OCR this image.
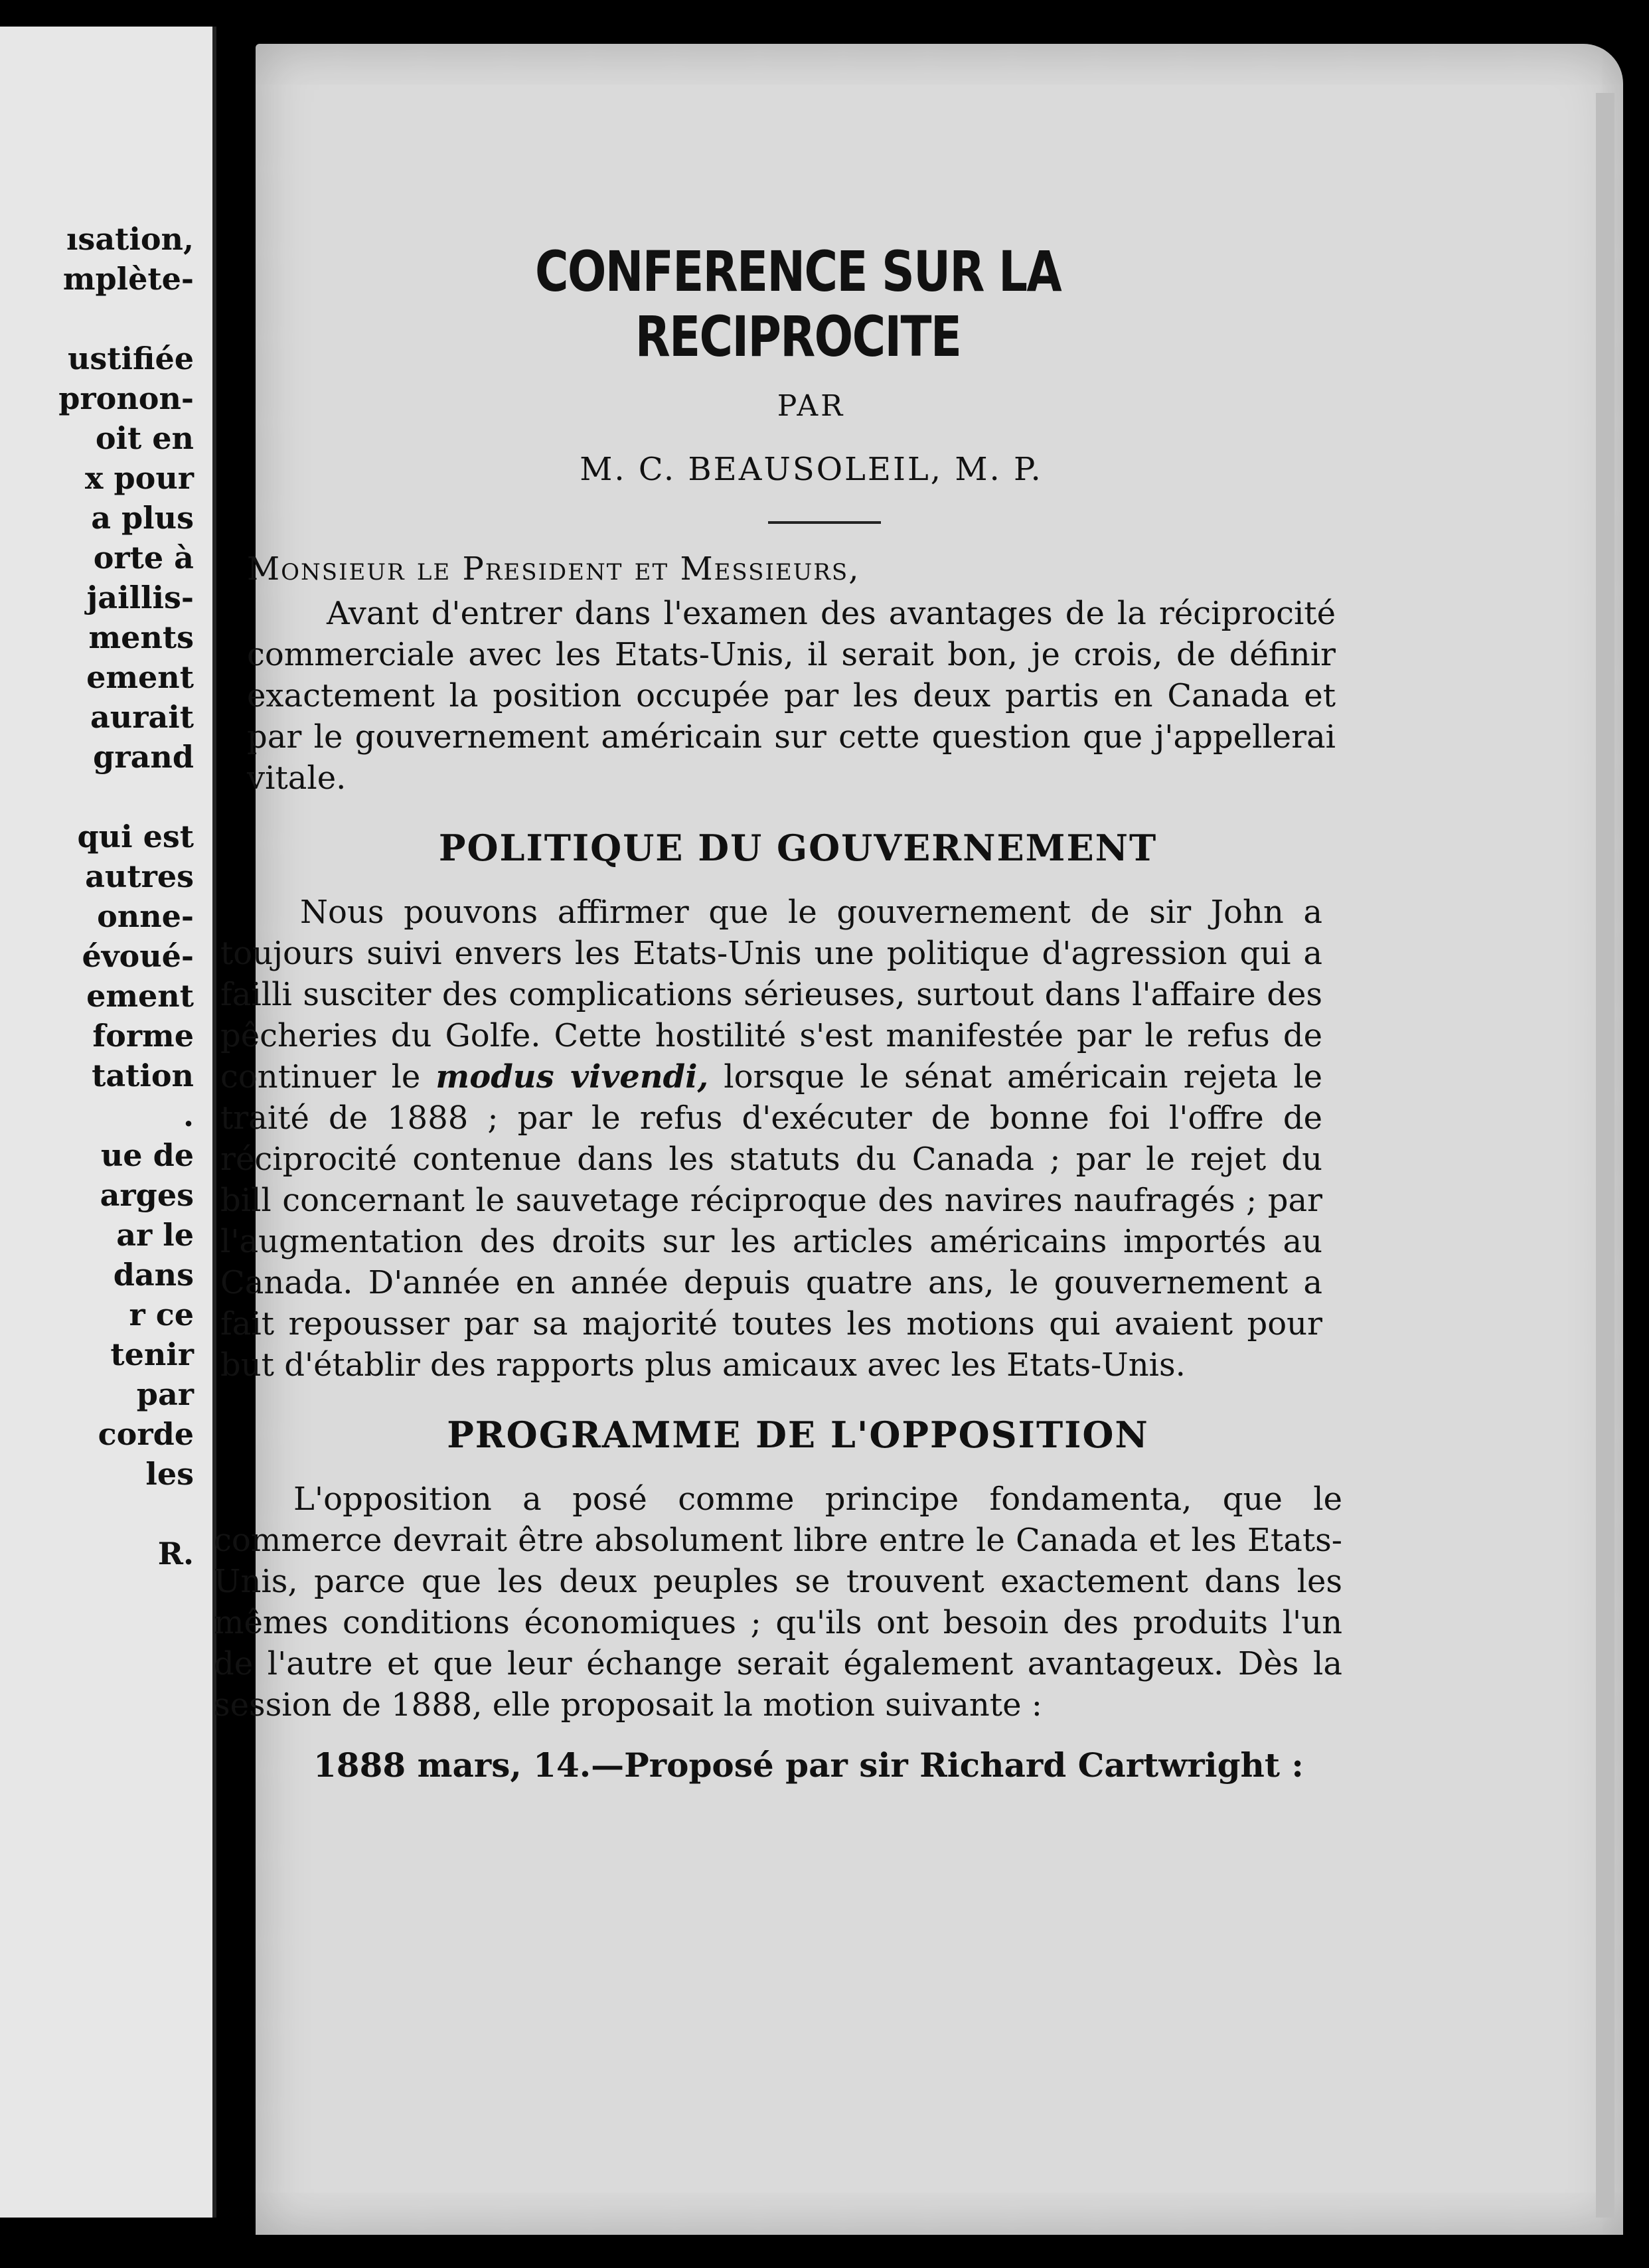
ısation,
mplète-
ustifiée
pronon-
oit en
x pour
a plus
orte à
jaillis-
ments
ement
aurait
grand
qui est
autres
onne-
évoué-
ement
forme
tation
.
ue de
arges
ar le
dans
r ce
tenir
par
corde
les
R.
CONFERENCE SUR LA RECIPROCITE
PAR
M. C. BEAUSOLEIL, M. P.
Monsieur le President et Messieurs,

Avant d'entrer dans l'examen des avantages de la réciprocité commerciale avec les Etats-Unis, il serait bon, je crois, de définir exactement la position occupée par les deux partis en Canada et par le gouvernement américain sur cette question que j'appellerai vitale.

POLITIQUE DU GOUVERNEMENT

Nous pouvons affirmer que le gouvernement de sir John a toujours suivi envers les Etats-Unis une politique d'agression qui a failli susciter des complications sérieuses, surtout dans l'affaire des pêcheries du Golfe. Cette hostilité s'est manifestée par le refus de continuer le modus vivendi, lorsque le sénat américain rejeta le traité de 1888 ; par le refus d'exécuter de bonne foi l'offre de réciprocité contenue dans les statuts du Canada ; par le rejet du bill concernant le sauvetage réciproque des navires naufragés ; par l'augmentation des droits sur les articles américains importés au Canada. D'année en année depuis quatre ans, le gouvernement a fait repousser par sa majorité toutes les motions qui avaient pour but d'établir des rapports plus amicaux avec les Etats-Unis.

PROGRAMME DE L'OPPOSITION

L'opposition a posé comme principe fondamenta, que le commerce devrait être absolument libre entre le Canada et les Etats-Unis, parce que les deux peuples se trouvent exactement dans les mêmes conditions économiques ; qu'ils ont besoin des produits l'un de l'autre et que leur échange serait également avantageux. Dès la session de 1888, elle proposait la motion suivante :

1888 mars, 14.—Proposé par sir Richard Cartwright :
